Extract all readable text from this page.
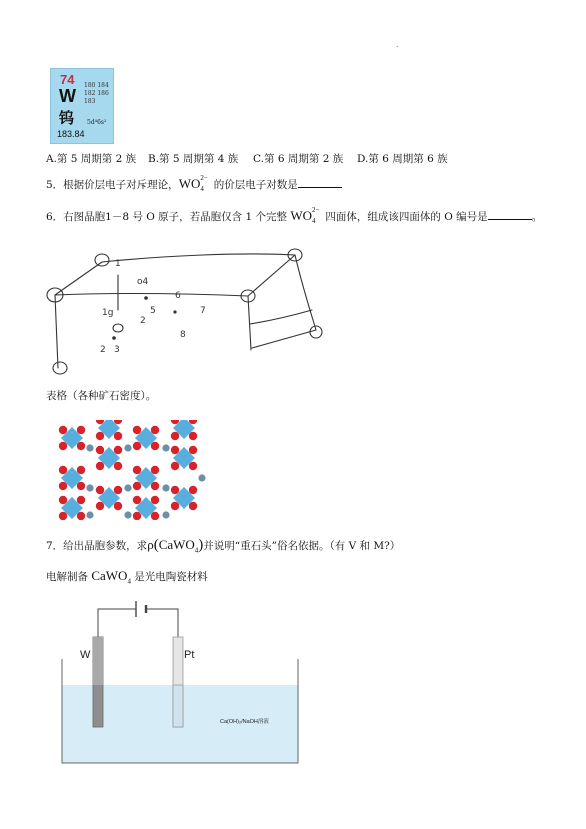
.
74
W
180 184
182 186
183
钨 5d⁴6s²
183.84
A.第 5 周期第 2 族 B.第 5 周期第 4 族 C.第 6 周期第 2 族 D.第 6 周期第 6 族
5．根据价层电子对斥理论，WO 2−
4 的价层电子对数是
6．右图晶胞1－8 号 O 原子，若晶胞仅含 1 个完整 WO 2−
4 四面体，组成该四面体的 O 编号是	。
1
o4
6
5	7
2
3
8
1g
2
表格（各种矿石密度）。
7．给出晶胞参数，求ρ(CaWO$_4$)并说明“重石头”俗名依据。（有 V 和 M?）
电解制备 CaWO$_4$ 是光电陶瓷材料
W	Pt
Ca(OH)₂/NaOH溶液
